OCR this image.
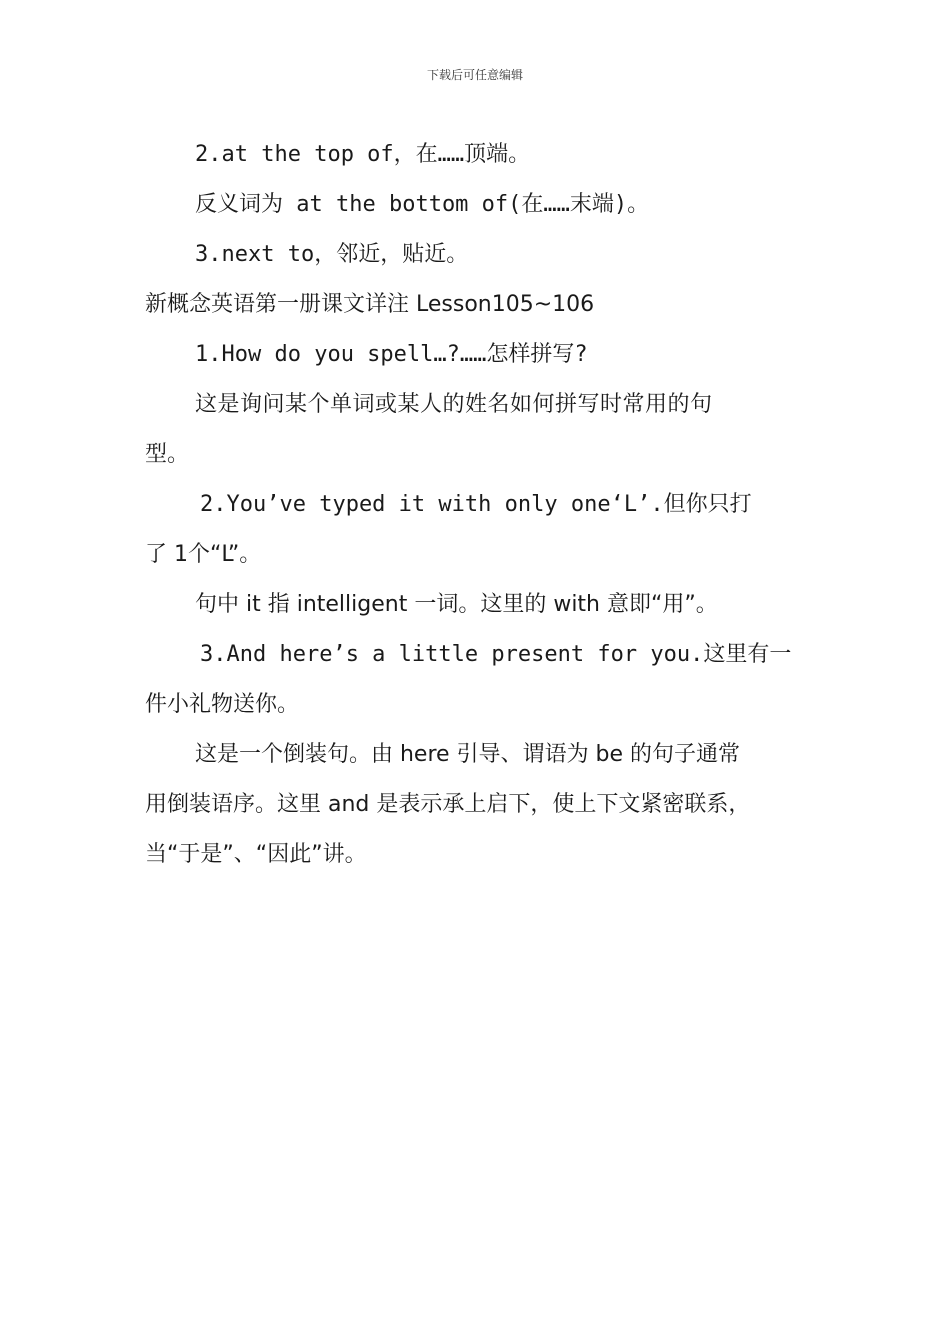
下载后可任意编辑
2.at the top of，在……顶端。
反义词为 at the bottom of(在……末端)。
3.next to，邻近，贴近。
新概念英语第一册课文详注 Lesson105~106
1.How do you spell…?……怎样拼写?
这是询问某个单词或某人的姓名如何拼写时常用的句
型。
2.You’ve typed it with only one‘L’.但你只打
了 1个“L”。
句中 it 指 intelligent 一词。这里的 with 意即“用”。
3.And here’s a little present for you.这里有一
件小礼物送你。
这是一个倒装句。由 here 引导、谓语为 be 的句子通常
用倒装语序。这里 and 是表示承上启下，使上下文紧密联系，
当“于是”、“因此”讲。
